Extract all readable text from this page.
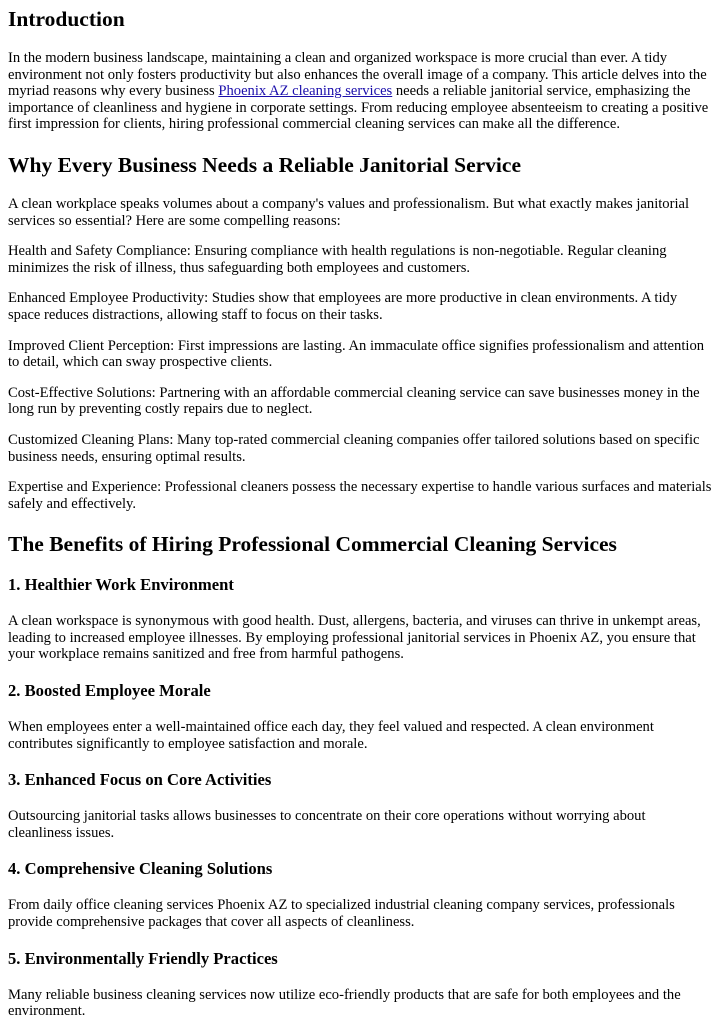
Introduction

In the modern business landscape, maintaining a clean and organized workspace is more crucial than ever. A tidy environment not only fosters productivity but also enhances the overall image of a company. This article delves into the myriad reasons why every business Phoenix AZ cleaning services needs a reliable janitorial service, emphasizing the importance of cleanliness and hygiene in corporate settings. From reducing employee absenteeism to creating a positive first impression for clients, hiring professional commercial cleaning services can make all the difference.

Why Every Business Needs a Reliable Janitorial Service

A clean workplace speaks volumes about a company's values and professionalism. But what exactly makes janitorial services so essential? Here are some compelling reasons:

Health and Safety Compliance: Ensuring compliance with health regulations is non-negotiable. Regular cleaning minimizes the risk of illness, thus safeguarding both employees and customers.

Enhanced Employee Productivity: Studies show that employees are more productive in clean environments. A tidy space reduces distractions, allowing staff to focus on their tasks.

Improved Client Perception: First impressions are lasting. An immaculate office signifies professionalism and attention to detail, which can sway prospective clients.

Cost-Effective Solutions: Partnering with an affordable commercial cleaning service can save businesses money in the long run by preventing costly repairs due to neglect.

Customized Cleaning Plans: Many top-rated commercial cleaning companies offer tailored solutions based on specific business needs, ensuring optimal results.

Expertise and Experience: Professional cleaners possess the necessary expertise to handle various surfaces and materials safely and effectively.

The Benefits of Hiring Professional Commercial Cleaning Services
1. Healthier Work Environment

A clean workspace is synonymous with good health. Dust, allergens, bacteria, and viruses can thrive in unkempt areas, leading to increased employee illnesses. By employing professional janitorial services in Phoenix AZ, you ensure that your workplace remains sanitized and free from harmful pathogens.

2. Boosted Employee Morale

When employees enter a well-maintained office each day, they feel valued and respected. A clean environment contributes significantly to employee satisfaction and morale.

3. Enhanced Focus on Core Activities

Outsourcing janitorial tasks allows businesses to concentrate on their core operations without worrying about cleanliness issues.

4. Comprehensive Cleaning Solutions

From daily office cleaning services Phoenix AZ to specialized industrial cleaning company services, professionals provide comprehensive packages that cover all aspects of cleanliness.

5. Environmentally Friendly Practices

Many reliable business cleaning services now utilize eco-friendly products that are safe for both employees and the environment.
